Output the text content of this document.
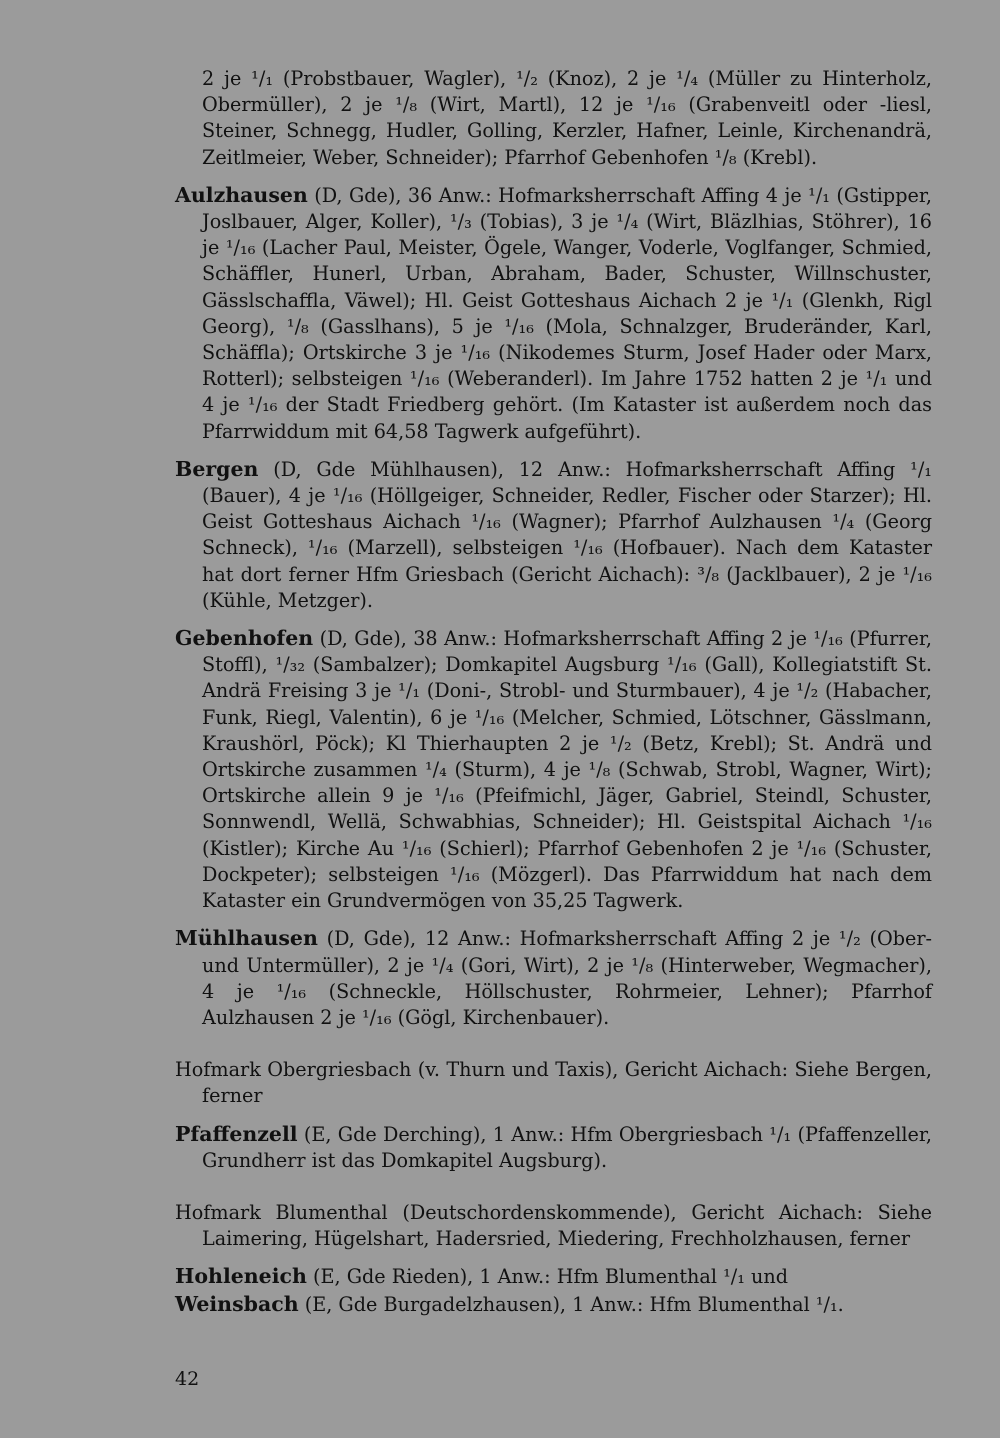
2 je ¹/₁ (Probstbauer, Wagler), ¹/₂ (Knoz), 2 je ¹/₄ (Müller zu Hinterholz, Obermüller), 2 je ¹/₈ (Wirt, Martl), 12 je ¹/₁₆ (Grabenveitl oder -liesl, Steiner, Schnegg, Hudler, Golling, Kerzler, Hafner, Leinle, Kirchenandrä, Zeitlmeier, Weber, Schneider); Pfarrhof Gebenhofen ¹/₈ (Krebl).

Aulzhausen (D, Gde), 36 Anw.: Hofmarksherrschaft Affing 4 je ¹/₁ (Gstipper, Joslbauer, Alger, Koller), ¹/₃ (Tobias), 3 je ¹/₄ (Wirt, Bläzlhias, Stöhrer), 16 je ¹/₁₆ (Lacher Paul, Meister, Ögele, Wanger, Voderle, Voglfanger, Schmied, Schäffler, Hunerl, Urban, Abraham, Bader, Schuster, Willnschuster, Gässlschaffla, Väwel); Hl. Geist Gotteshaus Aichach 2 je ¹/₁ (Glenkh, Rigl Georg), ¹/₈ (Gasslhans), 5 je ¹/₁₆ (Mola, Schnalzger, Bruderänder, Karl, Schäffla); Ortskirche 3 je ¹/₁₆ (Nikodemes Sturm, Josef Hader oder Marx, Rotterl); selbsteigen ¹/₁₆ (Weberanderl). Im Jahre 1752 hatten 2 je ¹/₁ und 4 je ¹/₁₆ der Stadt Friedberg gehört. (Im Kataster ist außerdem noch das Pfarrwiddum mit 64,58 Tagwerk aufgeführt).

Bergen (D, Gde Mühlhausen), 12 Anw.: Hofmarksherrschaft Affing ¹/₁ (Bauer), 4 je ¹/₁₆ (Höllgeiger, Schneider, Redler, Fischer oder Starzer); Hl. Geist Gotteshaus Aichach ¹/₁₆ (Wagner); Pfarrhof Aulzhausen ¹/₄ (Georg Schneck), ¹/₁₆ (Marzell), selbsteigen ¹/₁₆ (Hofbauer). Nach dem Kataster hat dort ferner Hfm Griesbach (Gericht Aichach): ³/₈ (Jacklbauer), 2 je ¹/₁₆ (Kühle, Metzger).

Gebenhofen (D, Gde), 38 Anw.: Hofmarksherrschaft Affing 2 je ¹/₁₆ (Pfurrer, Stoffl), ¹/₃₂ (Sambalzer); Domkapitel Augsburg ¹/₁₆ (Gall), Kollegiatstift St. Andrä Freising 3 je ¹/₁ (Doni-, Strobl- und Sturmbauer), 4 je ¹/₂ (Habacher, Funk, Riegl, Valentin), 6 je ¹/₁₆ (Melcher, Schmied, Lötschner, Gässlmann, Kraushörl, Pöck); Kl Thierhaupten 2 je ¹/₂ (Betz, Krebl); St. Andrä und Ortskirche zusammen ¹/₄ (Sturm), 4 je ¹/₈ (Schwab, Strobl, Wagner, Wirt); Ortskirche allein 9 je ¹/₁₆ (Pfeifmichl, Jäger, Gabriel, Steindl, Schuster, Sonnwendl, Wellä, Schwabhias, Schneider); Hl. Geistspital Aichach ¹/₁₆ (Kistler); Kirche Au ¹/₁₆ (Schierl); Pfarrhof Gebenhofen 2 je ¹/₁₆ (Schuster, Dockpeter); selbsteigen ¹/₁₆ (Mözgerl). Das Pfarrwiddum hat nach dem Kataster ein Grundvermögen von 35,25 Tagwerk.

Mühlhausen (D, Gde), 12 Anw.: Hofmarksherrschaft Affing 2 je ¹/₂ (Ober- und Untermüller), 2 je ¹/₄ (Gori, Wirt), 2 je ¹/₈ (Hinterweber, Wegmacher), 4 je ¹/₁₆ (Schneckle, Höllschuster, Rohrmeier, Lehner); Pfarrhof Aulzhausen 2 je ¹/₁₆ (Gögl, Kirchenbauer).

Hofmark Obergriesbach (v. Thurn und Taxis), Gericht Aichach: Siehe Bergen, ferner

Pfaffenzell (E, Gde Derching), 1 Anw.: Hfm Obergriesbach ¹/₁ (Pfaffenzeller, Grundherr ist das Domkapitel Augsburg).

Hofmark Blumenthal (Deutschordenskommende), Gericht Aichach: Siehe Laimering, Hügelshart, Hadersried, Miedering, Frechholzhausen, ferner

Hohleneich (E, Gde Rieden), 1 Anw.: Hfm Blumenthal ¹/₁ und

Weinsbach (E, Gde Burgadelzhausen), 1 Anw.: Hfm Blumenthal ¹/₁.

42
